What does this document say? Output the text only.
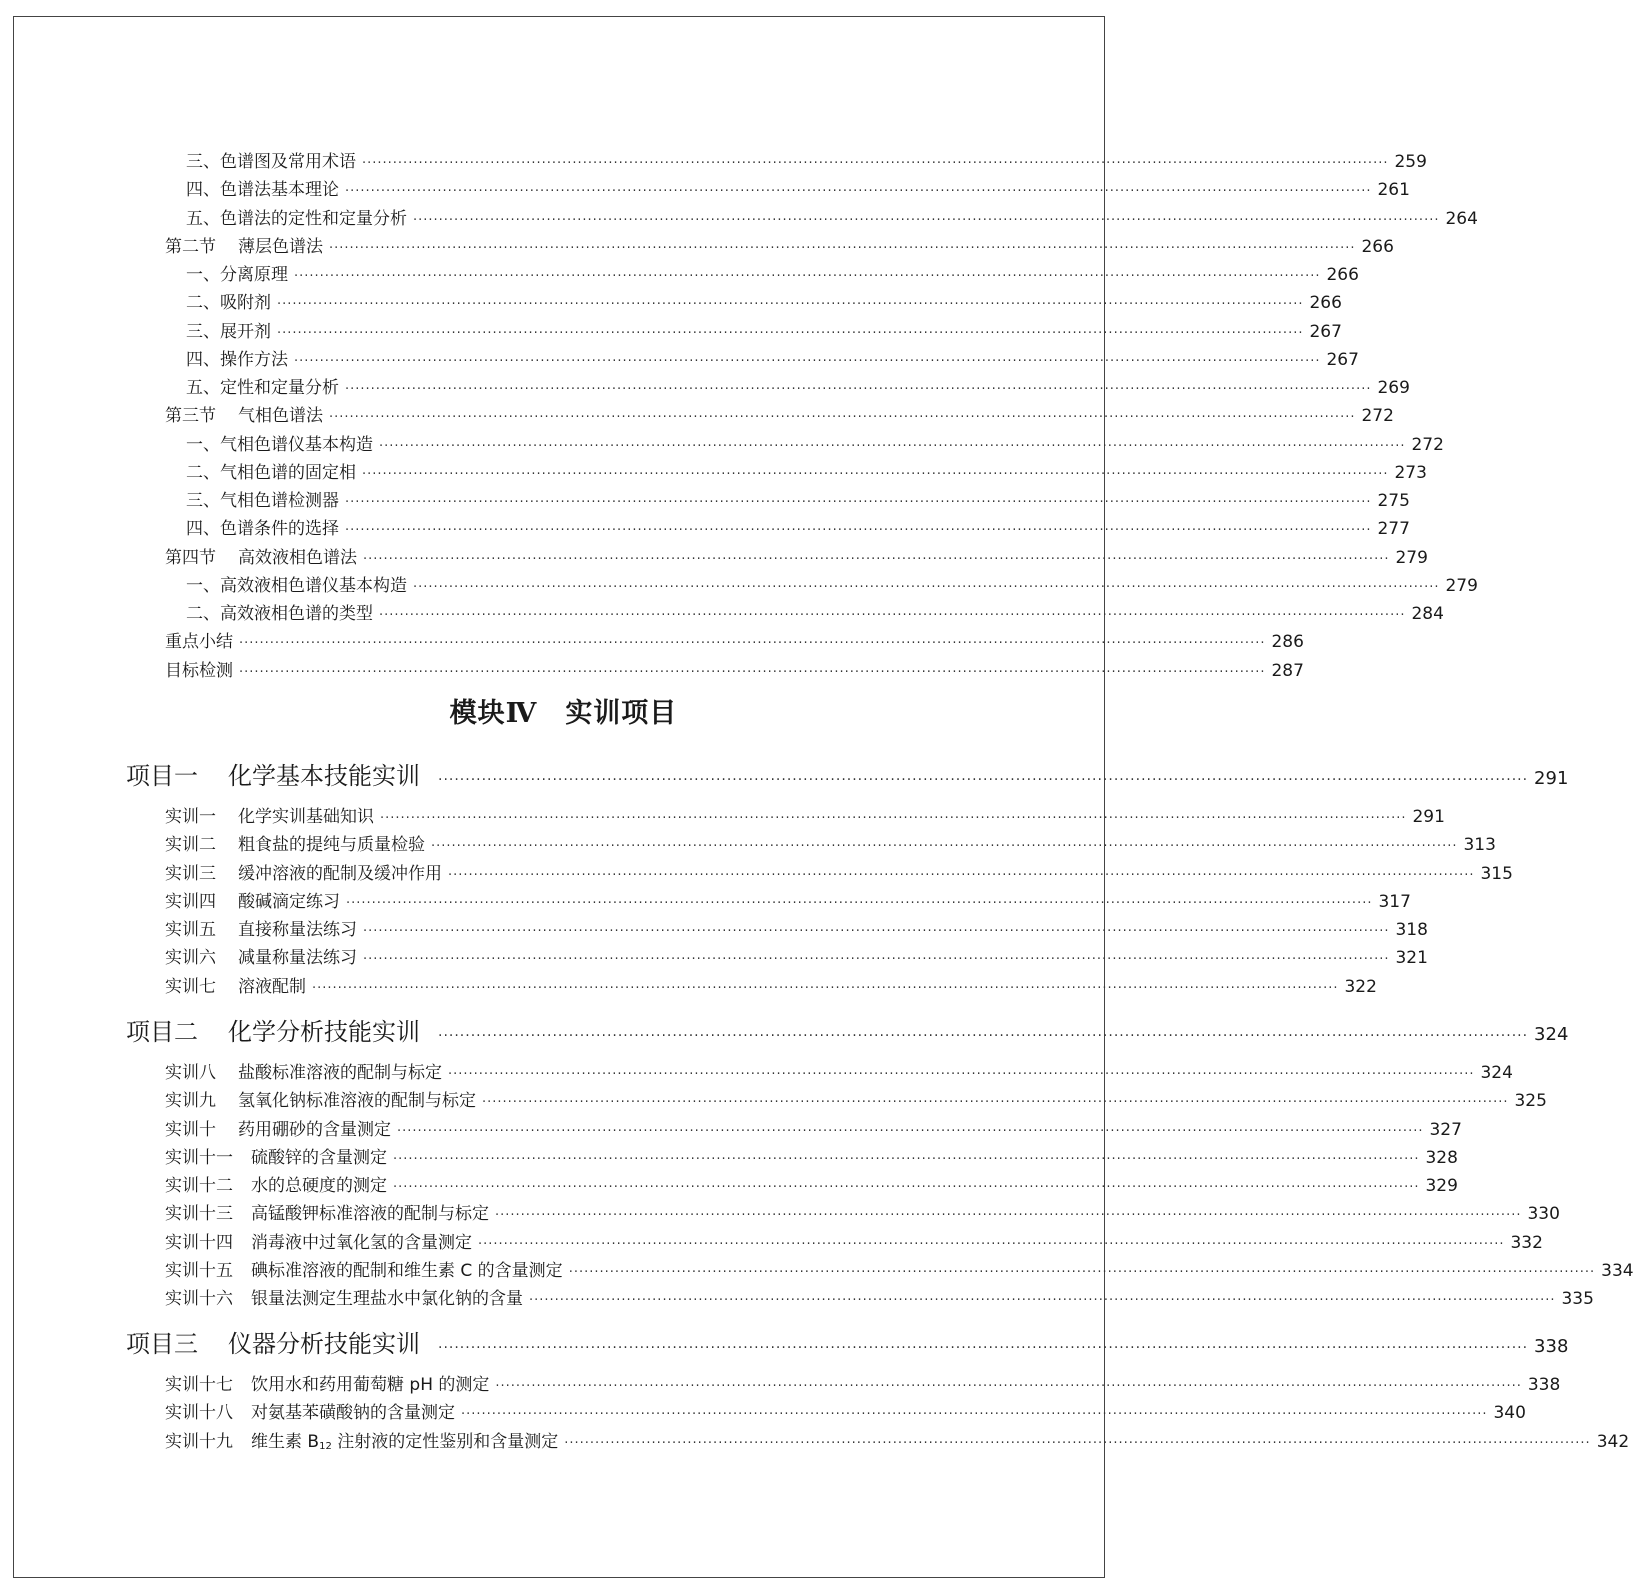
三、色谱图及常用术语 ········································································································································································································ 259
四、色谱法基本理论 ········································································································································································································ 261
五、色谱法的定性和定量分析 ········································································································································································································ 264
第二节 薄层色谱法 ········································································································································································································ 266
一、分离原理 ········································································································································································································ 266
二、吸附剂 ········································································································································································································ 266
三、展开剂 ········································································································································································································ 267
四、操作方法 ········································································································································································································ 267
五、定性和定量分析 ········································································································································································································ 269
第三节 气相色谱法 ········································································································································································································ 272
一、气相色谱仪基本构造 ········································································································································································································ 272
二、气相色谱的固定相 ········································································································································································································ 273
三、气相色谱检测器 ········································································································································································································ 275
四、色谱条件的选择 ········································································································································································································ 277
第四节 高效液相色谱法 ········································································································································································································ 279
一、高效液相色谱仪基本构造 ········································································································································································································ 279
二、高效液相色谱的类型 ········································································································································································································ 284
重点小结 ········································································································································································································ 286
目标检测 ········································································································································································································ 287
项目一 化学基本技能实训 ········································································································································································································ 291
实训一 化学实训基础知识 ········································································································································································································ 291
实训二 粗食盐的提纯与质量检验 ········································································································································································································ 313
实训三 缓冲溶液的配制及缓冲作用 ········································································································································································································ 315
实训四 酸碱滴定练习 ········································································································································································································ 317
实训五 直接称量法练习 ········································································································································································································ 318
实训六 减量称量法练习 ········································································································································································································ 321
实训七 溶液配制 ········································································································································································································ 322
项目二 化学分析技能实训 ········································································································································································································ 324
实训八 盐酸标准溶液的配制与标定 ········································································································································································································ 324
实训九 氢氧化钠标准溶液的配制与标定 ········································································································································································································ 325
实训十 药用硼砂的含量测定 ········································································································································································································ 327
实训十一 硫酸锌的含量测定 ········································································································································································································ 328
实训十二 水的总硬度的测定 ········································································································································································································ 329
实训十三 高锰酸钾标准溶液的配制与标定 ········································································································································································································ 330
实训十四 消毒液中过氧化氢的含量测定 ········································································································································································································ 332
实训十五 碘标准溶液的配制和维生素 C 的含量测定 ········································································································································································································ 334
实训十六 银量法测定生理盐水中氯化钠的含量 ········································································································································································································ 335
项目三 仪器分析技能实训 ········································································································································································································ 338
实训十七 饮用水和药用葡萄糖 pH 的测定 ········································································································································································································ 338
实训十八 对氨基苯磺酸钠的含量测定 ········································································································································································································ 340
实训十九 维生素 $B_{12}$ 注射液的定性鉴别和含量测定 ········································································································································································································ 342
模块Ⅳ 实训项目
